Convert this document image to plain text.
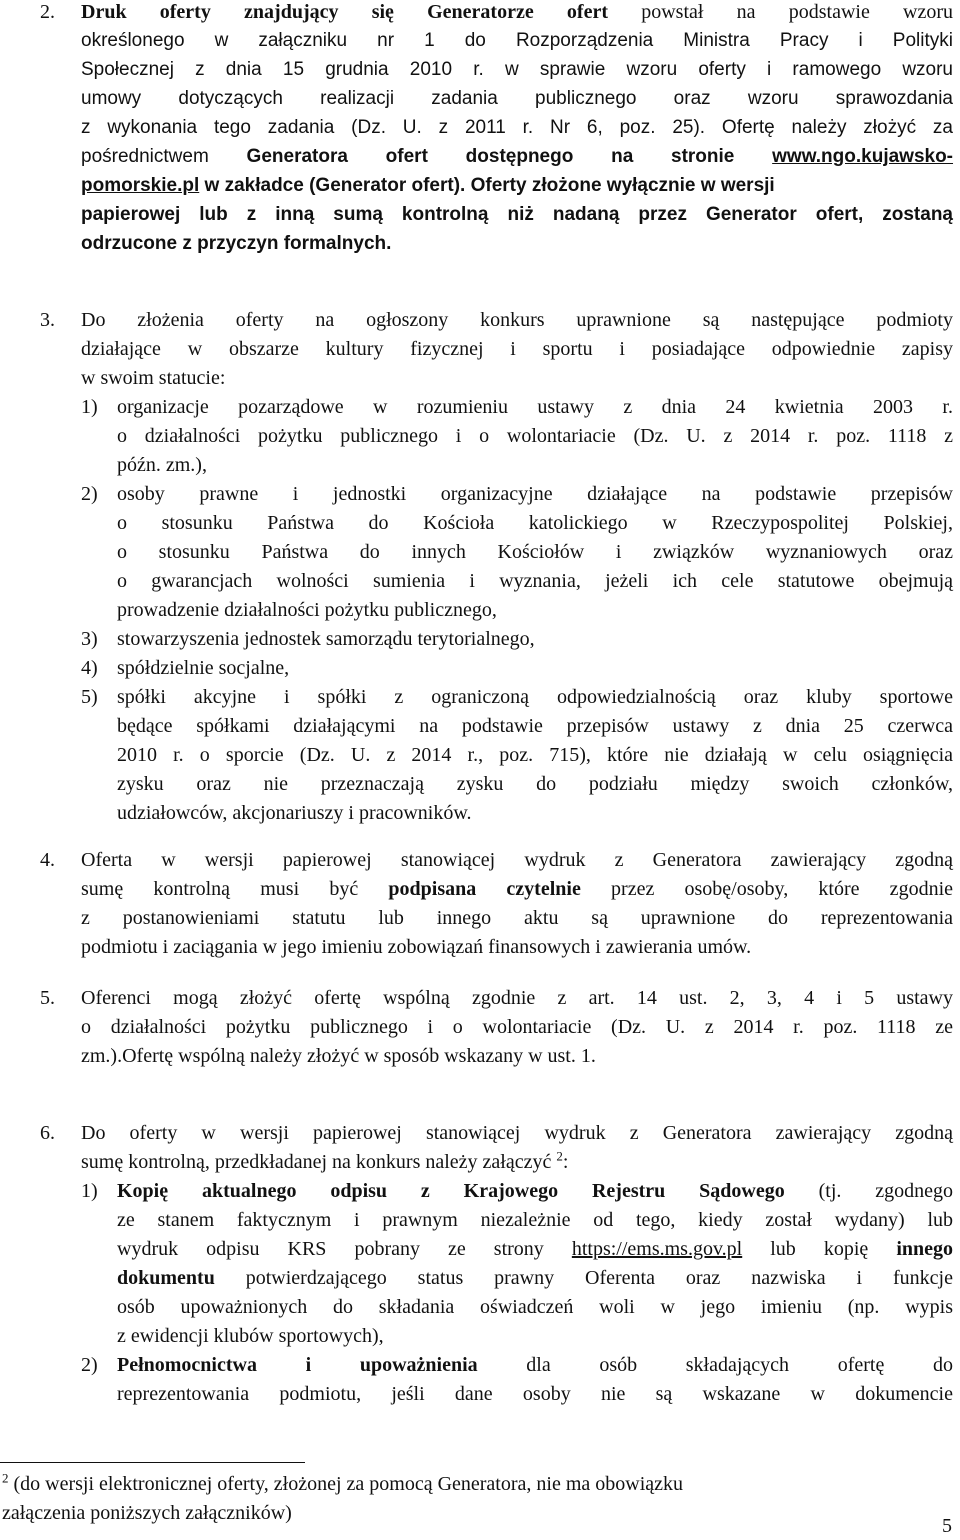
2. Druk oferty znajdujący się Generatorze ofert powstał na podstawie wzoru
określonego w załączniku nr 1 do Rozporządzenia Ministra Pracy i Polityki
Społecznej z dnia 15 grudnia 2010 r. w sprawie wzoru oferty i ramowego wzoru
umowy dotyczących realizacji zadania publicznego oraz wzoru sprawozdania
z wykonania tego zadania (Dz. U. z 2011 r. Nr 6, poz. 25). Ofertę należy złożyć za
pośrednictwem Generatora ofert dostępnego na stronie www.ngo.kujawsko-
pomorskie.pl w zakładce (Generator ofert). Oferty złożone wyłącznie w wersji
papierowej lub z inną sumą kontrolną niż nadaną przez Generator ofert, zostaną
odrzucone z przyczyn formalnych.
3. Do złożenia oferty na ogłoszony konkurs uprawnione są następujące podmioty
działające w obszarze kultury fizycznej i sportu i posiadające odpowiednie zapisy
w swoim statucie:
1) organizacje pozarządowe w rozumieniu ustawy z dnia 24 kwietnia 2003 r.
o działalności pożytku publicznego i o wolontariacie (Dz. U. z 2014 r. poz. 1118 z
późn. zm.),
2) osoby prawne i jednostki organizacyjne działające na podstawie przepisów
o stosunku Państwa do Kościoła katolickiego w Rzeczypospolitej Polskiej,
o stosunku Państwa do innych Kościołów i związków wyznaniowych oraz
o gwarancjach wolności sumienia i wyznania, jeżeli ich cele statutowe obejmują
prowadzenie działalności pożytku publicznego,
3) stowarzyszenia jednostek samorządu terytorialnego,
4) spółdzielnie socjalne,
5) spółki akcyjne i spółki z ograniczoną odpowiedzialnością oraz kluby sportowe
będące spółkami działającymi na podstawie przepisów ustawy z dnia 25 czerwca
2010 r. o sporcie (Dz. U. z 2014 r., poz. 715), które nie działają w celu osiągnięcia
zysku oraz nie przeznaczają zysku do podziału między swoich członków,
udziałowców, akcjonariuszy i pracowników.
4. Oferta w wersji papierowej stanowiącej wydruk z Generatora zawierający zgodną
sumę kontrolną musi być podpisana czytelnie przez osobę/osoby, które zgodnie
z postanowieniami statutu lub innego aktu są uprawnione do reprezentowania
podmiotu i zaciągania w jego imieniu zobowiązań finansowych i zawierania umów.
5. Oferenci mogą złożyć ofertę wspólną zgodnie z art. 14 ust. 2, 3, 4 i 5 ustawy
o działalności pożytku publicznego i o wolontariacie (Dz. U. z 2014 r. poz. 1118 ze
zm.).Ofertę wspólną należy złożyć w sposób wskazany w ust. 1.
6. Do oferty w wersji papierowej stanowiącej wydruk z Generatora zawierający zgodną
sumę kontrolną, przedkładanej na konkurs należy załączyć $^2$:
1) Kopię aktualnego odpisu z Krajowego Rejestru Sądowego (tj. zgodnego
ze stanem faktycznym i prawnym niezależnie od tego, kiedy został wydany) lub
wydruk odpisu KRS pobrany ze strony https://ems.ms.gov.pl lub kopię innego
dokumentu potwierdzającego status prawny Oferenta oraz nazwiska i funkcje
osób upoważnionych do składania oświadczeń woli w jego imieniu (np. wypis
z ewidencji klubów sportowych),
2) Pełnomocnictwa i upoważnienia dla osób składających ofertę do
reprezentowania podmiotu, jeśli dane osoby nie są wskazane w dokumencie
$^2$ (do wersji elektronicznej oferty, złożonej za pomocą Generatora, nie ma obowiązku
załączenia poniższych załączników)
5
